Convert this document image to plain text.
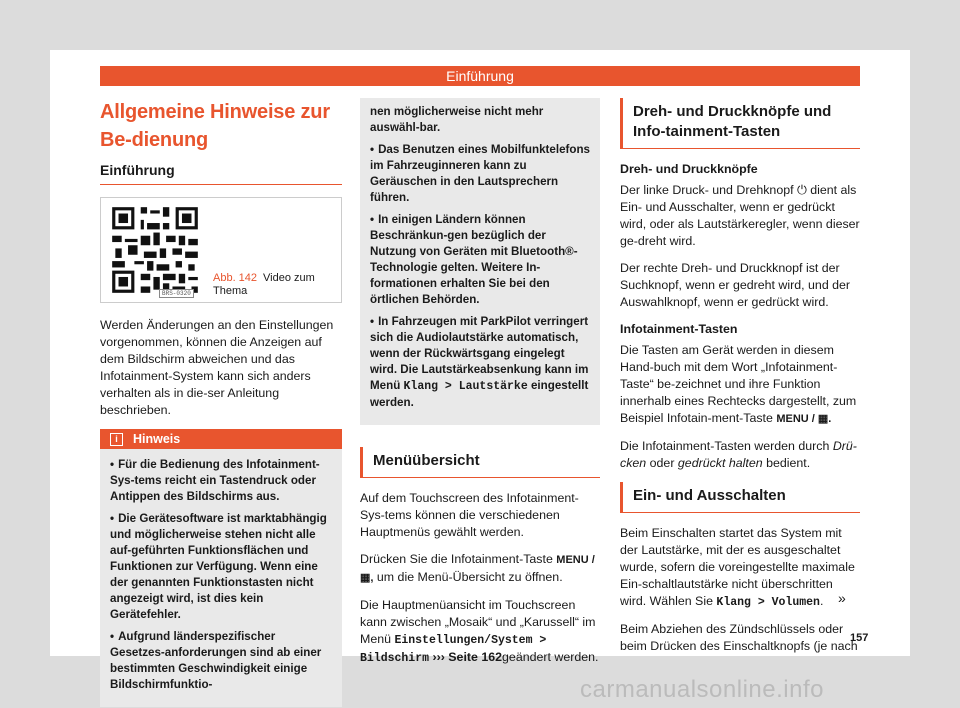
Einführung
Allgemeine Hinweise zur Be-dienung
Einführung
BRS-0320
Abb. 142 Video zum Thema

Werden Änderungen an den Einstellungen vorgenommen, können die Anzeigen auf dem Bildschirm abweichen und das Infotainment-System kann sich anders verhalten als in die-ser Anleitung beschrieben.

i	Hinweis
• Für die Bedienung des Infotainment-Sys-tems reicht ein Tastendruck oder Antippen des Bildschirms aus.
• Die Gerätesoftware ist marktabhängig und möglicherweise stehen nicht alle auf-geführten Funktionsflächen und Funktionen zur Verfügung. Wenn eine der genannten Funktionstasten nicht angezeigt wird, ist dies kein Gerätefehler.
• Aufgrund länderspezifischer Gesetzes-anforderungen sind ab einer bestimmten Geschwindigkeit einige Bildschirmfunktio-
nen möglicherweise nicht mehr auswähl-bar.
• Das Benutzen eines Mobilfunktelefons im Fahrzeuginneren kann zu Geräuschen in den Lautsprechern führen.
• In einigen Ländern können Beschränkun-gen bezüglich der Nutzung von Geräten mit Bluetooth®-Technologie gelten. Weitere In-formationen erhalten Sie bei den örtlichen Behörden.
• In Fahrzeugen mit ParkPilot verringert sich die Audiolautstärke automatisch, wenn der Rückwärtsgang eingelegt wird. Die Lautstärkeabsenkung kann im Menü Klang > Lautstärke eingestellt werden.
Menüübersicht

Auf dem Touchscreen des Infotainment-Sys-tems können die verschiedenen Hauptmenüs gewählt werden.

Drücken Sie die Infotainment-Taste MENU / ▦, um die Menü-Übersicht zu öffnen.

Die Hauptmenüansicht im Touchscreen kann zwischen „Mosaik“ und „Karussell“ im Menü Einstellungen/System > Bildschirm ››› Seite 162geändert werden.

Dreh- und Druckknöpfe und Info-tainment-Tasten

Dreh- und Druckknöpfe

Der linke Druck- und Drehknopf ⏻ dient als Ein- und Ausschalter, wenn er gedrückt wird, oder als Lautstärkeregler, wenn dieser ge-dreht wird.

Der rechte Dreh- und Druckknopf ist der Suchknopf, wenn er gedreht wird, und der Auswahlknopf, wenn er gedrückt wird.

Infotainment-Tasten

Die Tasten am Gerät werden in diesem Hand-buch mit dem Wort „Infotainment-Taste“ be-zeichnet und ihre Funktion innerhalb eines Rechtecks dargestellt, zum Beispiel Infotain-ment-Taste MENU / ▦.

Die Infotainment-Tasten werden durch Drü-cken oder gedrückt halten bedient.

Ein- und Ausschalten

Beim Einschalten startet das System mit der Lautstärke, mit der es ausgeschaltet wurde, sofern die voreingestellte maximale Ein-schaltlautstärke nicht überschritten wird. Wählen Sie Klang > Volumen.

Beim Abziehen des Zündschlüssels oder beim Drücken des Einschaltknopfs (je nach

»
157
carmanualsonline.info
